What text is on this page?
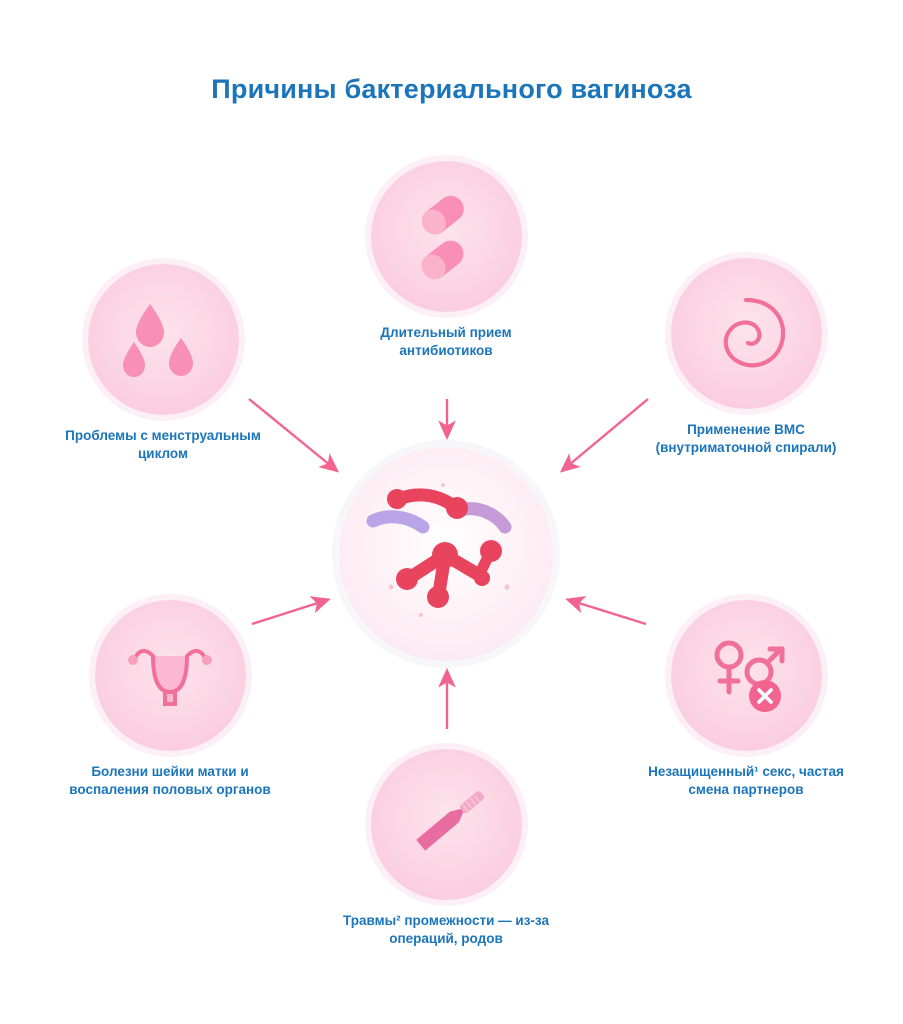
Причины бактериального вагиноза
Длительный прием антибиотиков
Применение ВМС (внутриматочной спирали)
Незащищенный¹ секс, частая смена партнеров
Травмы² промежности — из-за операций, родов
Болезни шейки матки и воспаления половых органов
Проблемы с менструальным циклом
